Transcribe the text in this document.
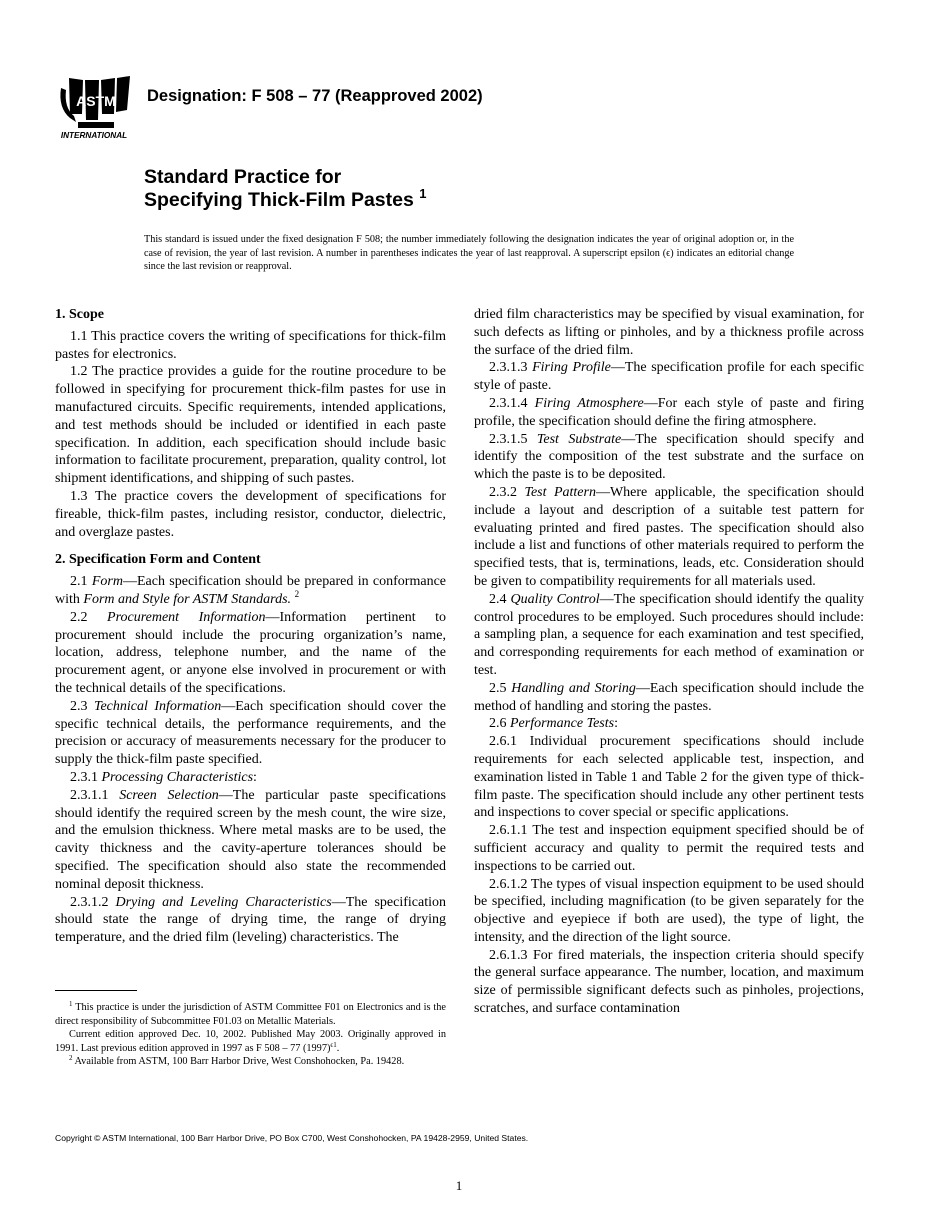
ASTM
INTERNATIONAL
Designation: F 508 – 77 (Reapproved 2002)
Standard Practice for
Specifying Thick-Film Pastes $^1$
This standard is issued under the fixed designation F 508; the number immediately following the designation indicates the year of original adoption or, in the case of revision, the year of last revision. A number in parentheses indicates the year of last reapproval. A superscript epsilon (ϵ) indicates an editorial change since the last revision or reapproval.
1. Scope

1.1 This practice covers the writing of specifications for thick-film pastes for electronics.

1.2 The practice provides a guide for the routine procedure to be followed in specifying for procurement thick-film pastes for use in manufactured circuits. Specific requirements, intended applications, and test methods should be included or identified in each paste specification. In addition, each specification should include basic information to facilitate procurement, preparation, quality control, lot shipment identifications, and shipping of such pastes.

1.3 The practice covers the development of specifications for fireable, thick-film pastes, including resistor, conductor, dielectric, and overglaze pastes.

2. Specification Form and Content

2.1 Form—Each specification should be prepared in conformance with Form and Style for ASTM Standards. $^2$

2.2 Procurement Information—Information pertinent to procurement should include the procuring organization’s name, location, address, telephone number, and the name of the procurement agent, or anyone else involved in procurement or with the technical details of the specifications.

2.3 Technical Information—Each specification should cover the specific technical details, the performance requirements, and the precision or accuracy of measurements necessary for the producer to supply the thick-film paste specified.

2.3.1 Processing Characteristics:

2.3.1.1 Screen Selection—The particular paste specifications should identify the required screen by the mesh count, the wire size, and the emulsion thickness. Where metal masks are to be used, the cavity thickness and the cavity-aperture tolerances should be specified. The specification should also state the recommended nominal deposit thickness.

2.3.1.2 Drying and Leveling Characteristics—The specification should state the range of drying time, the range of drying temperature, and the dried film (leveling) characteristics. The

$^1$ This practice is under the jurisdiction of ASTM Committee F01 on Electronics and is the direct responsibility of Subcommittee F01.03 on Metallic Materials.

Current edition approved Dec. 10, 2002. Published May 2003. Originally approved in 1991. Last previous edition approved in 1997 as F 508 – 77 $(1997)^{\epsilon 1}$.

$^2$ Available from ASTM, 100 Barr Harbor Drive, West Conshohocken, Pa. 19428.

dried film characteristics may be specified by visual examination, for such defects as lifting or pinholes, and by a thickness profile across the surface of the dried film.

2.3.1.3 Firing Profile—The specification profile for each specific style of paste.

2.3.1.4 Firing Atmosphere—For each style of paste and firing profile, the specification should define the firing atmosphere.

2.3.1.5 Test Substrate—The specification should specify and identify the composition of the test substrate and the surface on which the paste is to be deposited.

2.3.2 Test Pattern—Where applicable, the specification should include a layout and description of a suitable test pattern for evaluating printed and fired pastes. The specification should also include a list and functions of other materials required to perform the specified tests, that is, terminations, leads, etc. Consideration should be given to compatibility requirements for all materials used.

2.4 Quality Control—The specification should identify the quality control procedures to be employed. Such procedures should include: a sampling plan, a sequence for each examination and test specified, and corresponding requirements for each method of examination or test.

2.5 Handling and Storing—Each specification should include the method of handling and storing the pastes.

2.6 Performance Tests:

2.6.1 Individual procurement specifications should include requirements for each selected applicable test, inspection, and examination listed in Table 1 and Table 2 for the given type of thick-film paste. The specification should include any other pertinent tests and inspections to cover special or specific applications.

2.6.1.1 The test and inspection equipment specified should be of sufficient accuracy and quality to permit the required tests and inspections to be carried out.

2.6.1.2 The types of visual inspection equipment to be used should be specified, including magnification (to be given separately for the objective and eyepiece if both are used), the type of light, the intensity, and the direction of the light source.

2.6.1.3 For fired materials, the inspection criteria should specify the general surface appearance. The number, location, and maximum size of permissible significant defects such as pinholes, projections, scratches, and surface contamination

Copyright © ASTM International, 100 Barr Harbor Drive, PO Box C700, West Conshohocken, PA 19428-2959, United States.
1
